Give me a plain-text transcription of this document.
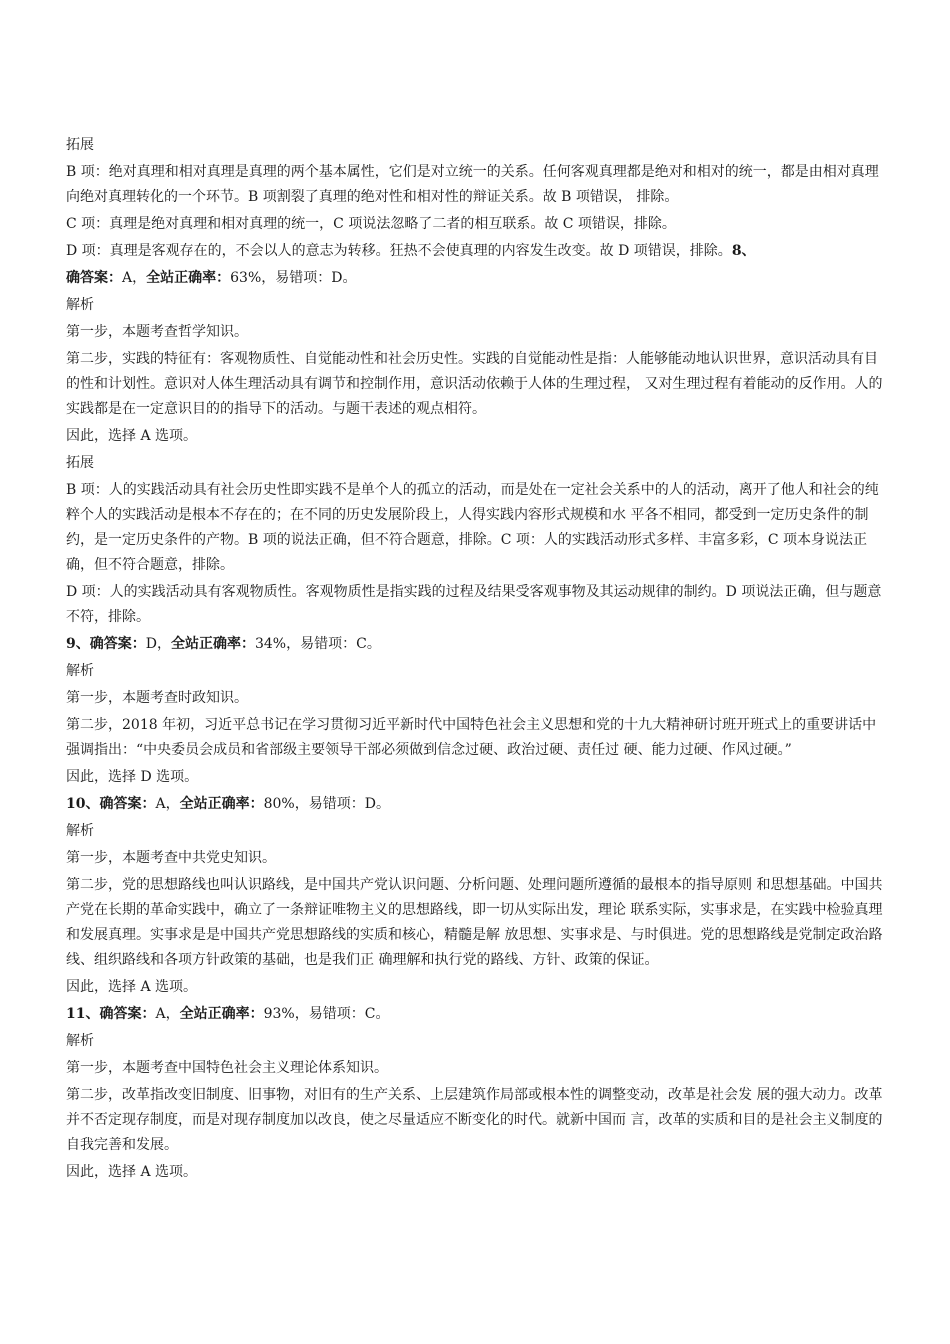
拓展
B 项：绝对真理和相对真理是真理的两个基本属性，它们是对立统一的关系。任何客观真理都是绝对和相对的统一，都是由相对真理向绝对真理转化的一个环节。B 项割裂了真理的绝对性和相对性的辩证关系。故 B 项错误， 排除。
C 项：真理是绝对真理和相对真理的统一，C 项说法忽略了二者的相互联系。故 C 项错误，排除。
D 项：真理是客观存在的，不会以人的意志为转移。狂热不会使真理的内容发生改变。故 D 项错误，排除。8、
确答案：A，全站正确率：63%，易错项：D。
解析
第一步，本题考查哲学知识。
第二步，实践的特征有：客观物质性、自觉能动性和社会历史性。实践的自觉能动性是指：人能够能动地认识世界，意识活动具有目的性和计划性。意识对人体生理活动具有调节和控制作用，意识活动依赖于人体的生理过程， 又对生理过程有着能动的反作用。人的实践都是在一定意识目的的指导下的活动。与题干表述的观点相符。
因此，选择 A 选项。
拓展
B 项：人的实践活动具有社会历史性即实践不是单个人的孤立的活动，而是处在一定社会关系中的人的活动，离开了他人和社会的纯粹个人的实践活动是根本不存在的；在不同的历史发展阶段上，人得实践内容形式规模和水 平各不相同，都受到一定历史条件的制约，是一定历史条件的产物。B 项的说法正确，但不符合题意，排除。C 项：人的实践活动形式多样、丰富多彩，C 项本身说法正确，但不符合题意，排除。
D 项：人的实践活动具有客观物质性。客观物质性是指实践的过程及结果受客观事物及其运动规律的制约。D 项说法正确，但与题意不符，排除。
9、确答案：D，全站正确率：34%，易错项：C。
解析
第一步，本题考查时政知识。
第二步，2018 年初，习近平总书记在学习贯彻习近平新时代中国特色社会主义思想和党的十九大精神研讨班开班式上的重要讲话中强调指出：“中央委员会成员和省部级主要领导干部必须做到信念过硬、政治过硬、责任过 硬、能力过硬、作风过硬。”
因此，选择 D 选项。
10、确答案：A，全站正确率：80%，易错项：D。
解析
第一步，本题考查中共党史知识。
第二步，党的思想路线也叫认识路线，是中国共产党认识问题、分析问题、处理问题所遵循的最根本的指导原则 和思想基础。中国共产党在长期的革命实践中，确立了一条辩证唯物主义的思想路线，即一切从实际出发，理论 联系实际，实事求是，在实践中检验真理和发展真理。实事求是是中国共产党思想路线的实质和核心，精髓是解 放思想、实事求是、与时俱进。党的思想路线是党制定政治路线、组织路线和各项方针政策的基础，也是我们正 确理解和执行党的路线、方针、政策的保证。
因此，选择 A 选项。
11、确答案：A，全站正确率：93%，易错项：C。
解析
第一步，本题考查中国特色社会主义理论体系知识。
第二步，改革指改变旧制度、旧事物，对旧有的生产关系、上层建筑作局部或根本性的调整变动，改革是社会发 展的强大动力。改革并不否定现存制度，而是对现存制度加以改良，使之尽量适应不断变化的时代。就新中国而 言，改革的实质和目的是社会主义制度的自我完善和发展。
因此，选择 A 选项。
